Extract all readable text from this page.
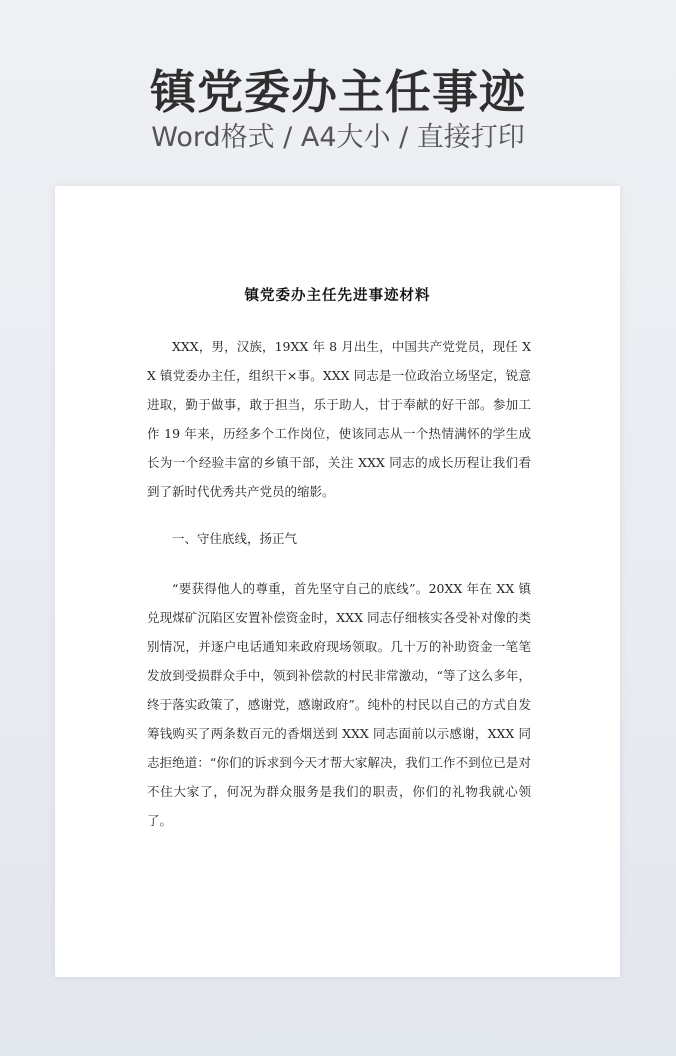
镇党委办主任事迹
Word格式 / A4大小 / 直接打印
镇党委办主任先进事迹材料

XXX，男，汉族，19XX 年 8 月出生，中国共产党党员，现任 XX 镇党委办主任，组织干×事。XXX 同志是一位政治立场坚定，锐意进取，勤于做事，敢于担当，乐于助人，甘于奉献的好干部。参加工作 19 年来，历经多个工作岗位，使该同志从一个热情满怀的学生成长为一个经验丰富的乡镇干部，关注 XXX 同志的成长历程让我们看到了新时代优秀共产党员的缩影。

一、守住底线，扬正气

“要获得他人的尊重，首先坚守自己的底线”。20XX 年在 XX 镇兑现煤矿沉陷区安置补偿资金时，XXX 同志仔细核实各受补对像的类别情况，并逐户电话通知来政府现场领取。几十万的补助资金一笔笔发放到受损群众手中，领到补偿款的村民非常激动，“等了这么多年，终于落实政策了，感谢党，感谢政府”。纯朴的村民以自己的方式自发筹钱购买了两条数百元的香烟送到 XXX 同志面前以示感谢，XXX 同志拒绝道：“你们的诉求到今天才帮大家解决，我们工作不到位已是对不住大家了，何况为群众服务是我们的职责，你们的礼物我就心领了。
